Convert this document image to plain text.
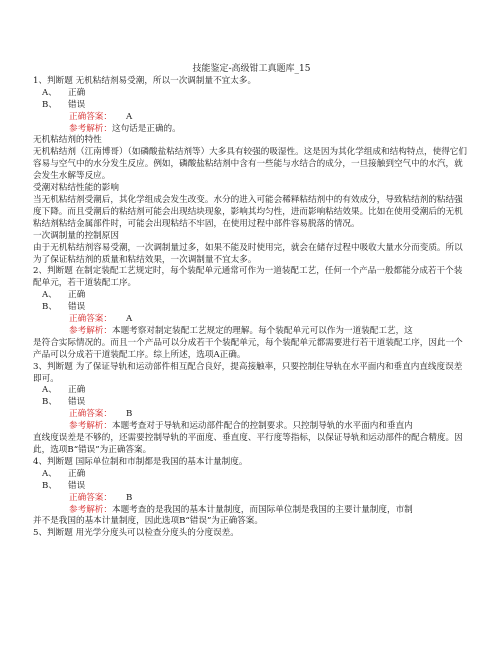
技能鉴定-高级钳工真题库_15
1、判断题 无机粘结剂易受潮，所以一次调制量不宜太多。
A、 正确
B、 错误
正确答案： A
参考解析：这句话是正确的。
无机粘结剂的特性
无机粘结剂（江南博哥）（如磷酸盐粘结剂等）大多具有较强的吸湿性。这是因为其化学组成和结构特点，使得它们容易与空气中的水分发生反应。例如，磷酸盐粘结剂中含有一些能与水结合的成分，一旦接触到空气中的水汽，就会发生水解等反应。
受潮对粘结性能的影响
当无机粘结剂受潮后，其化学组成会发生改变。水分的进入可能会稀释粘结剂中的有效成分，导致粘结剂的粘结强度下降。而且受潮后的粘结剂可能会出现结块现象，影响其均匀性，进而影响粘结效果。比如在使用受潮后的无机粘结剂粘结金属部件时，可能会出现粘结不牢固，在使用过程中部件容易脱落的情况。
一次调制量的控制原因
由于无机粘结剂容易受潮，一次调制量过多，如果不能及时使用完，就会在储存过程中吸收大量水分而变质。所以为了保证粘结剂的质量和粘结效果，一次调制量不宜太多。
2、判断题 在制定装配工艺规定时，每个装配单元通常可作为一道装配工艺，任何一个产品一般都能分成若干个装配单元，若干道装配工序。
A、 正确
B、 错误
正确答案： A
参考解析：本题考察对制定装配工艺规定的理解。每个装配单元可以作为一道装配工艺，这
是符合实际情况的。而且一个产品可以分成若干个装配单元，每个装配单元都需要进行若干道装配工序，因此一个产品可以分成若干道装配工序。综上所述，选项A正确。
3、判断题 为了保证导轨和运动部件相互配合良好，提高接触率，只要控制住导轨在水平面内和垂直内直线度误差即可。
A、 正确
B、 错误
正确答案： B
参考解析：本题考查对于导轨和运动部件配合的控制要求。只控制导轨的水平面内和垂直内
直线度误差是不够的，还需要控制导轨的平面度、垂直度、平行度等指标，以保证导轨和运动部件的配合精度。因此，选项B“错误”为正确答案。
4、判断题 国际单位制和市制都是我国的基本计量制度。
A、 正确
B、 错误
正确答案： B
参考解析：本题考查的是我国的基本计量制度，而国际单位制是我国的主要计量制度，市制
并不是我国的基本计量制度，因此选项B“错误”为正确答案。
5、判断题 用光学分度头可以检查分度头的分度误差。
